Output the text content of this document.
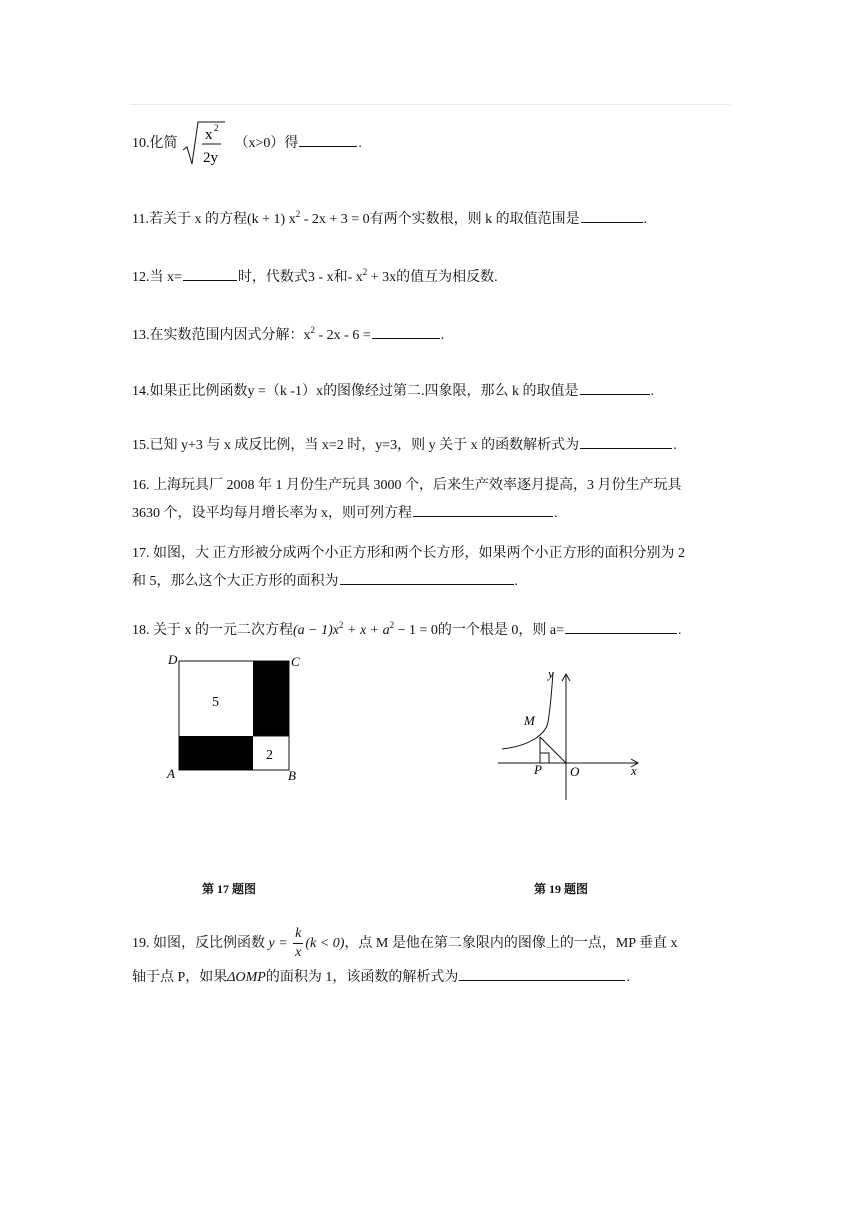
10.化简
x 2
2y
（x>0）得	.
11.若关于 x 的方程(k + 1) $x^2 - 2x + 3 = 0$有两个实数根，则 k 的取值范围是	.
12.当 x=	时，代数式3 - x和- $x^2 + 3x$的值互为相反数.
13.在实数范围内因式分解：$x^2 - 2x - 6$ =	.
14.如果正比例函数y =（k -1）x的图像经过第二.四象限，那么 k 的取值是	.
15.已知 y+3 与 x 成反比例，当 x=2 时，y=3，则 y 关于 x 的函数解析式为	.
16. 上海玩具厂 2008 年 1 月份生产玩具 3000 个，后来生产效率逐月提高，3 月份生产玩具
3630 个，设平均每月增长率为 x，则可列方程	.
17. 如图，大 正方形被分成两个小正方形和两个长方形，如果两个小正方形的面积分别为 2
和 5，那么这个大正方形的面积为	.
18. 关于 x 的一元二次方程$(a - 1)x^2 + x + a^2 - 1 = 0$的一个根是 0，则 a=	.
5
2
D	C
A	B
y
x
M
P O
第 17 题图	第 19 题图
19. 如图，反比例函数 $y = \frac{k}{x} (k < 0)$，点 M 是他在第二象限内的图像上的一点，MP 垂直 x
轴于点 P，如果ΔOMP的面积为 1，该函数的解析式为	.
